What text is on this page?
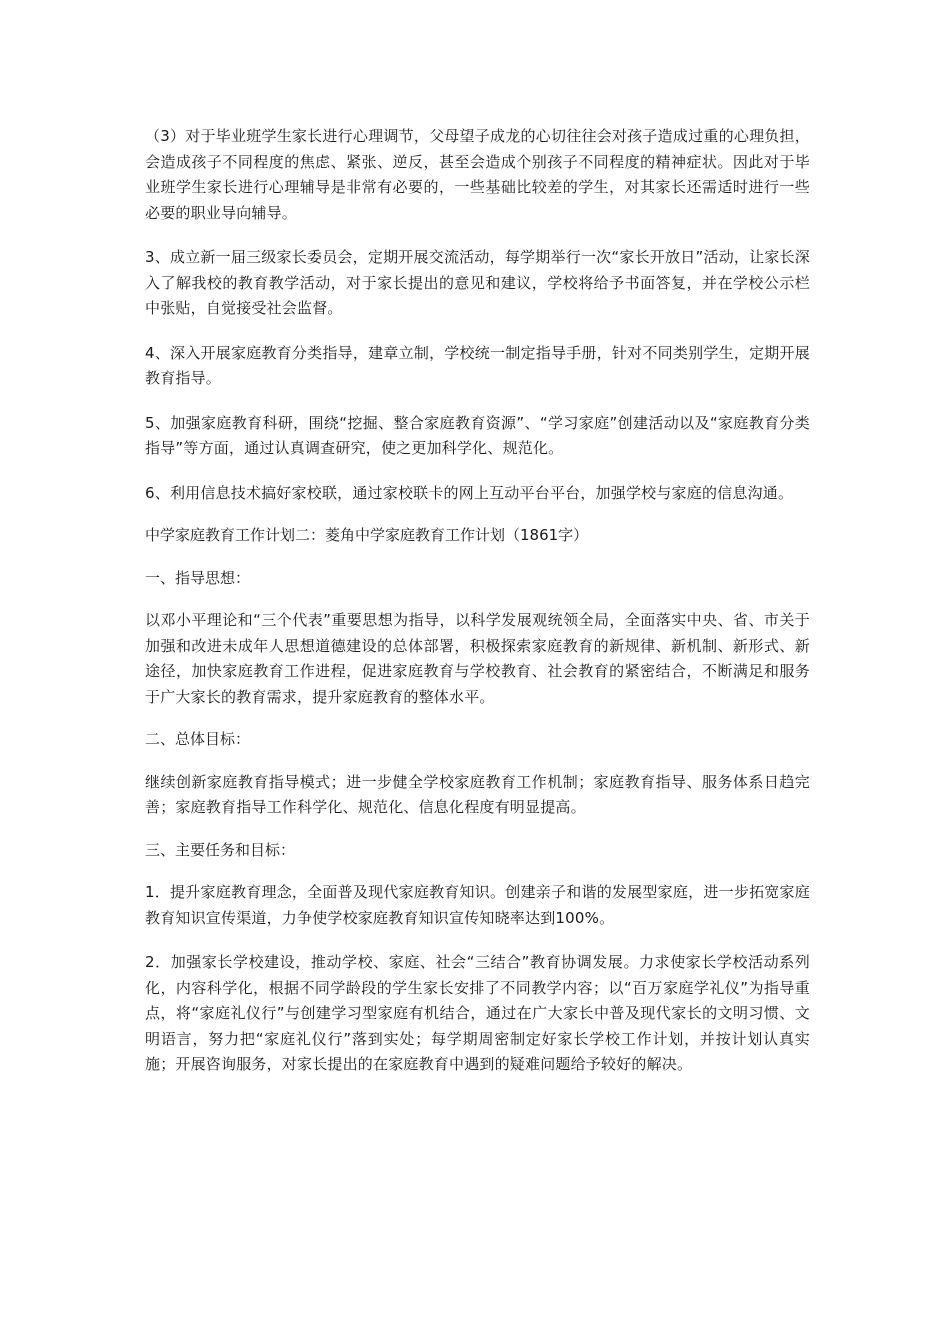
（3）对于毕业班学生家长进行心理调节，父母望子成龙的心切往往会对孩子造成过重的心理负担，会造成孩子不同程度的焦虑、紧张、逆反，甚至会造成个别孩子不同程度的精神症状。因此对于毕业班学生家长进行心理辅导是非常有必要的，一些基础比较差的学生，对其家长还需适时进行一些必要的职业导向辅导。

3、成立新一届三级家长委员会，定期开展交流活动，每学期举行一次“家长开放日”活动，让家长深入了解我校的教育教学活动，对于家长提出的意见和建议，学校将给予书面答复，并在学校公示栏中张贴，自觉接受社会监督。

4、深入开展家庭教育分类指导，建章立制，学校统一制定指导手册，针对不同类别学生，定期开展教育指导。

5、加强家庭教育科研，围绕“挖掘、整合家庭教育资源”、“学习家庭”创建活动以及“家庭教育分类指导”等方面，通过认真调查研究，使之更加科学化、规范化。

6、利用信息技术搞好家校联，通过家校联卡的网上互动平台平台，加强学校与家庭的信息沟通。

中学家庭教育工作计划二：菱角中学家庭教育工作计划（1861字）

一、指导思想：

以邓小平理论和“三个代表”重要思想为指导，以科学发展观统领全局，全面落实中央、省、市关于加强和改进未成年人思想道德建设的总体部署，积极探索家庭教育的新规律、新机制、新形式、新途径，加快家庭教育工作进程，促进家庭教育与学校教育、社会教育的紧密结合，不断满足和服务于广大家长的教育需求，提升家庭教育的整体水平。

二、总体目标：

继续创新家庭教育指导模式；进一步健全学校家庭教育工作机制；家庭教育指导、服务体系日趋完善；家庭教育指导工作科学化、规范化、信息化程度有明显提高。

三、主要任务和目标：

1．提升家庭教育理念，全面普及现代家庭教育知识。创建亲子和谐的发展型家庭，进一步拓宽家庭教育知识宣传渠道，力争使学校家庭教育知识宣传知晓率达到100%。

2．加强家长学校建设，推动学校、家庭、社会“三结合”教育协调发展。力求使家长学校活动系列化，内容科学化，根据不同学龄段的学生家长安排了不同教学内容；以“百万家庭学礼仪”为指导重点，将“家庭礼仪行”与创建学习型家庭有机结合，通过在广大家长中普及现代家长的文明习惯、文明语言，努力把“家庭礼仪行”落到实处；每学期周密制定好家长学校工作计划，并按计划认真实施；开展咨询服务，对家长提出的在家庭教育中遇到的疑难问题给予较好的解决。
